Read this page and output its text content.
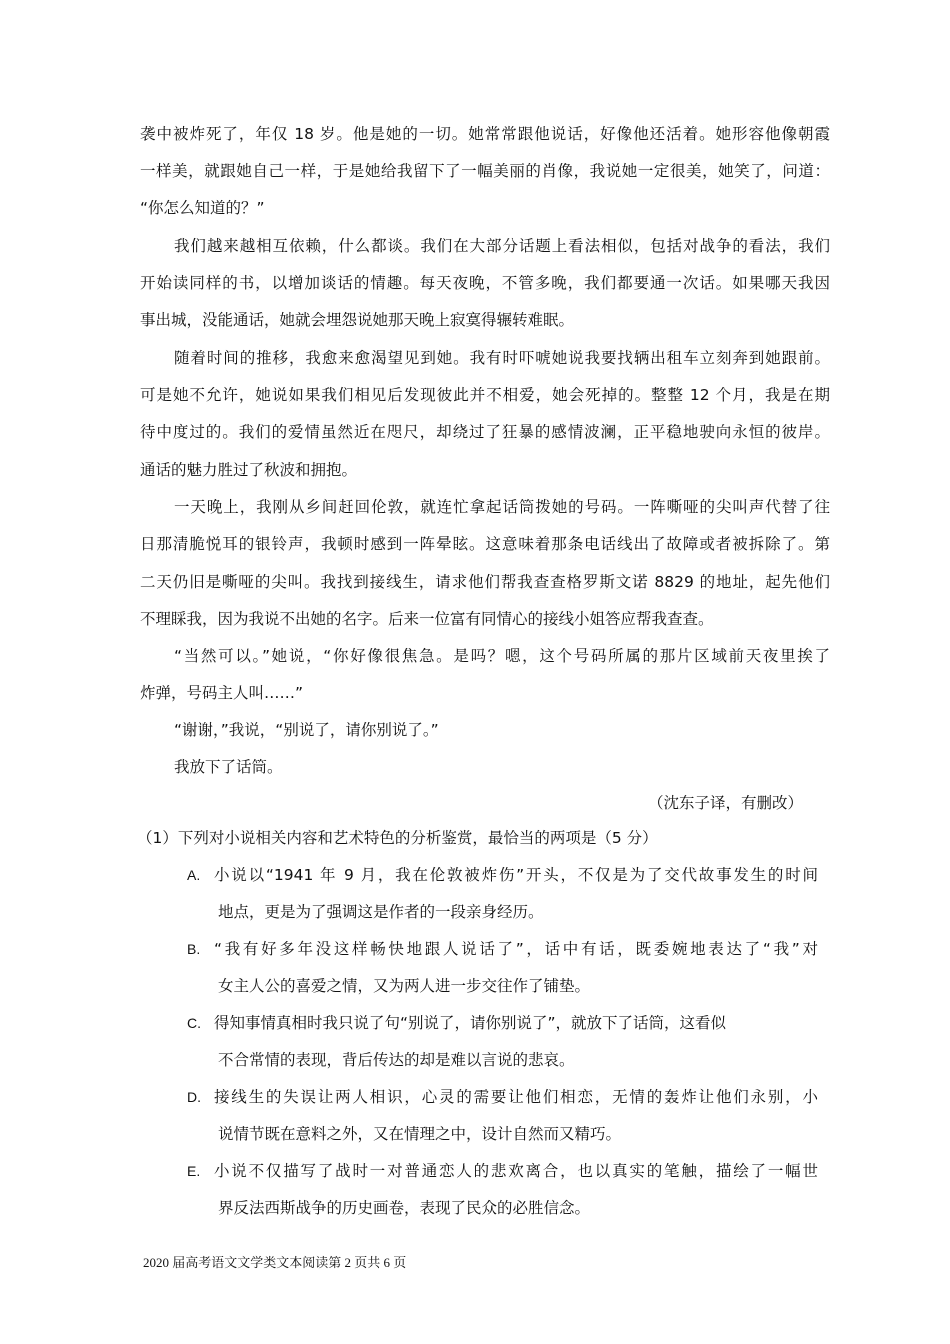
袭中被炸死了，年仅 18 岁。他是她的一切。她常常跟他说话，好像他还活着。她形容他像朝霞
一样美，就跟她自己一样，于是她给我留下了一幅美丽的肖像，我说她一定很美，她笑了，问道：
“你怎么知道的？”
我们越来越相互依赖，什么都谈。我们在大部分话题上看法相似，包括对战争的看法，我们
开始读同样的书，以增加谈话的情趣。每天夜晚，不管多晚，我们都要通一次话。如果哪天我因
事出城，没能通话，她就会埋怨说她那天晚上寂寞得辗转难眠。
随着时间的推移，我愈来愈渴望见到她。我有时吓唬她说我要找辆出租车立刻奔到她跟前。
可是她不允许，她说如果我们相见后发现彼此并不相爱，她会死掉的。整整 12 个月，我是在期
待中度过的。我们的爱情虽然近在咫尺，却绕过了狂暴的感情波澜，正平稳地驶向永恒的彼岸。
通话的魅力胜过了秋波和拥抱。
一天晚上，我刚从乡间赶回伦敦，就连忙拿起话筒拨她的号码。一阵嘶哑的尖叫声代替了往
日那清脆悦耳的银铃声，我顿时感到一阵晕眩。这意味着那条电话线出了故障或者被拆除了。第
二天仍旧是嘶哑的尖叫。我找到接线生，请求他们帮我查查格罗斯文诺 8829 的地址，起先他们
不理睬我，因为我说不出她的名字。后来一位富有同情心的接线小姐答应帮我查查。
“当然可以。”她说，“你好像很焦急。是吗？嗯，这个号码所属的那片区域前天夜里挨了
炸弹，号码主人叫……”
“谢谢，”我说，“别说了，请你别说了。”
我放下了话筒。
（沈东子译，有删改）
（1）下列对小说相关内容和艺术特色的分析鉴赏，最恰当的两项是（5 分）
A. 小说以“1941 年 9 月，我在伦敦被炸伤”开头，不仅是为了交代故事发生的时间
地点，更是为了强调这是作者的一段亲身经历。
B. “我有好多年没这样畅快地跟人说话了”，话中有话，既委婉地表达了“我”对
女主人公的喜爱之情，又为两人进一步交往作了铺垫。
C. 得知事情真相时我只说了句“别说了，请你别说了”，就放下了话筒，这看似
不合常情的表现，背后传达的却是难以言说的悲哀。
D. 接线生的失误让两人相识，心灵的需要让他们相恋，无情的轰炸让他们永别，小
说情节既在意料之外，又在情理之中，设计自然而又精巧。
E. 小说不仅描写了战时一对普通恋人的悲欢离合，也以真实的笔触，描绘了一幅世
界反法西斯战争的历史画卷，表现了民众的必胜信念。
2020 届高考语文文学类文本阅读第 2 页共 6 页
